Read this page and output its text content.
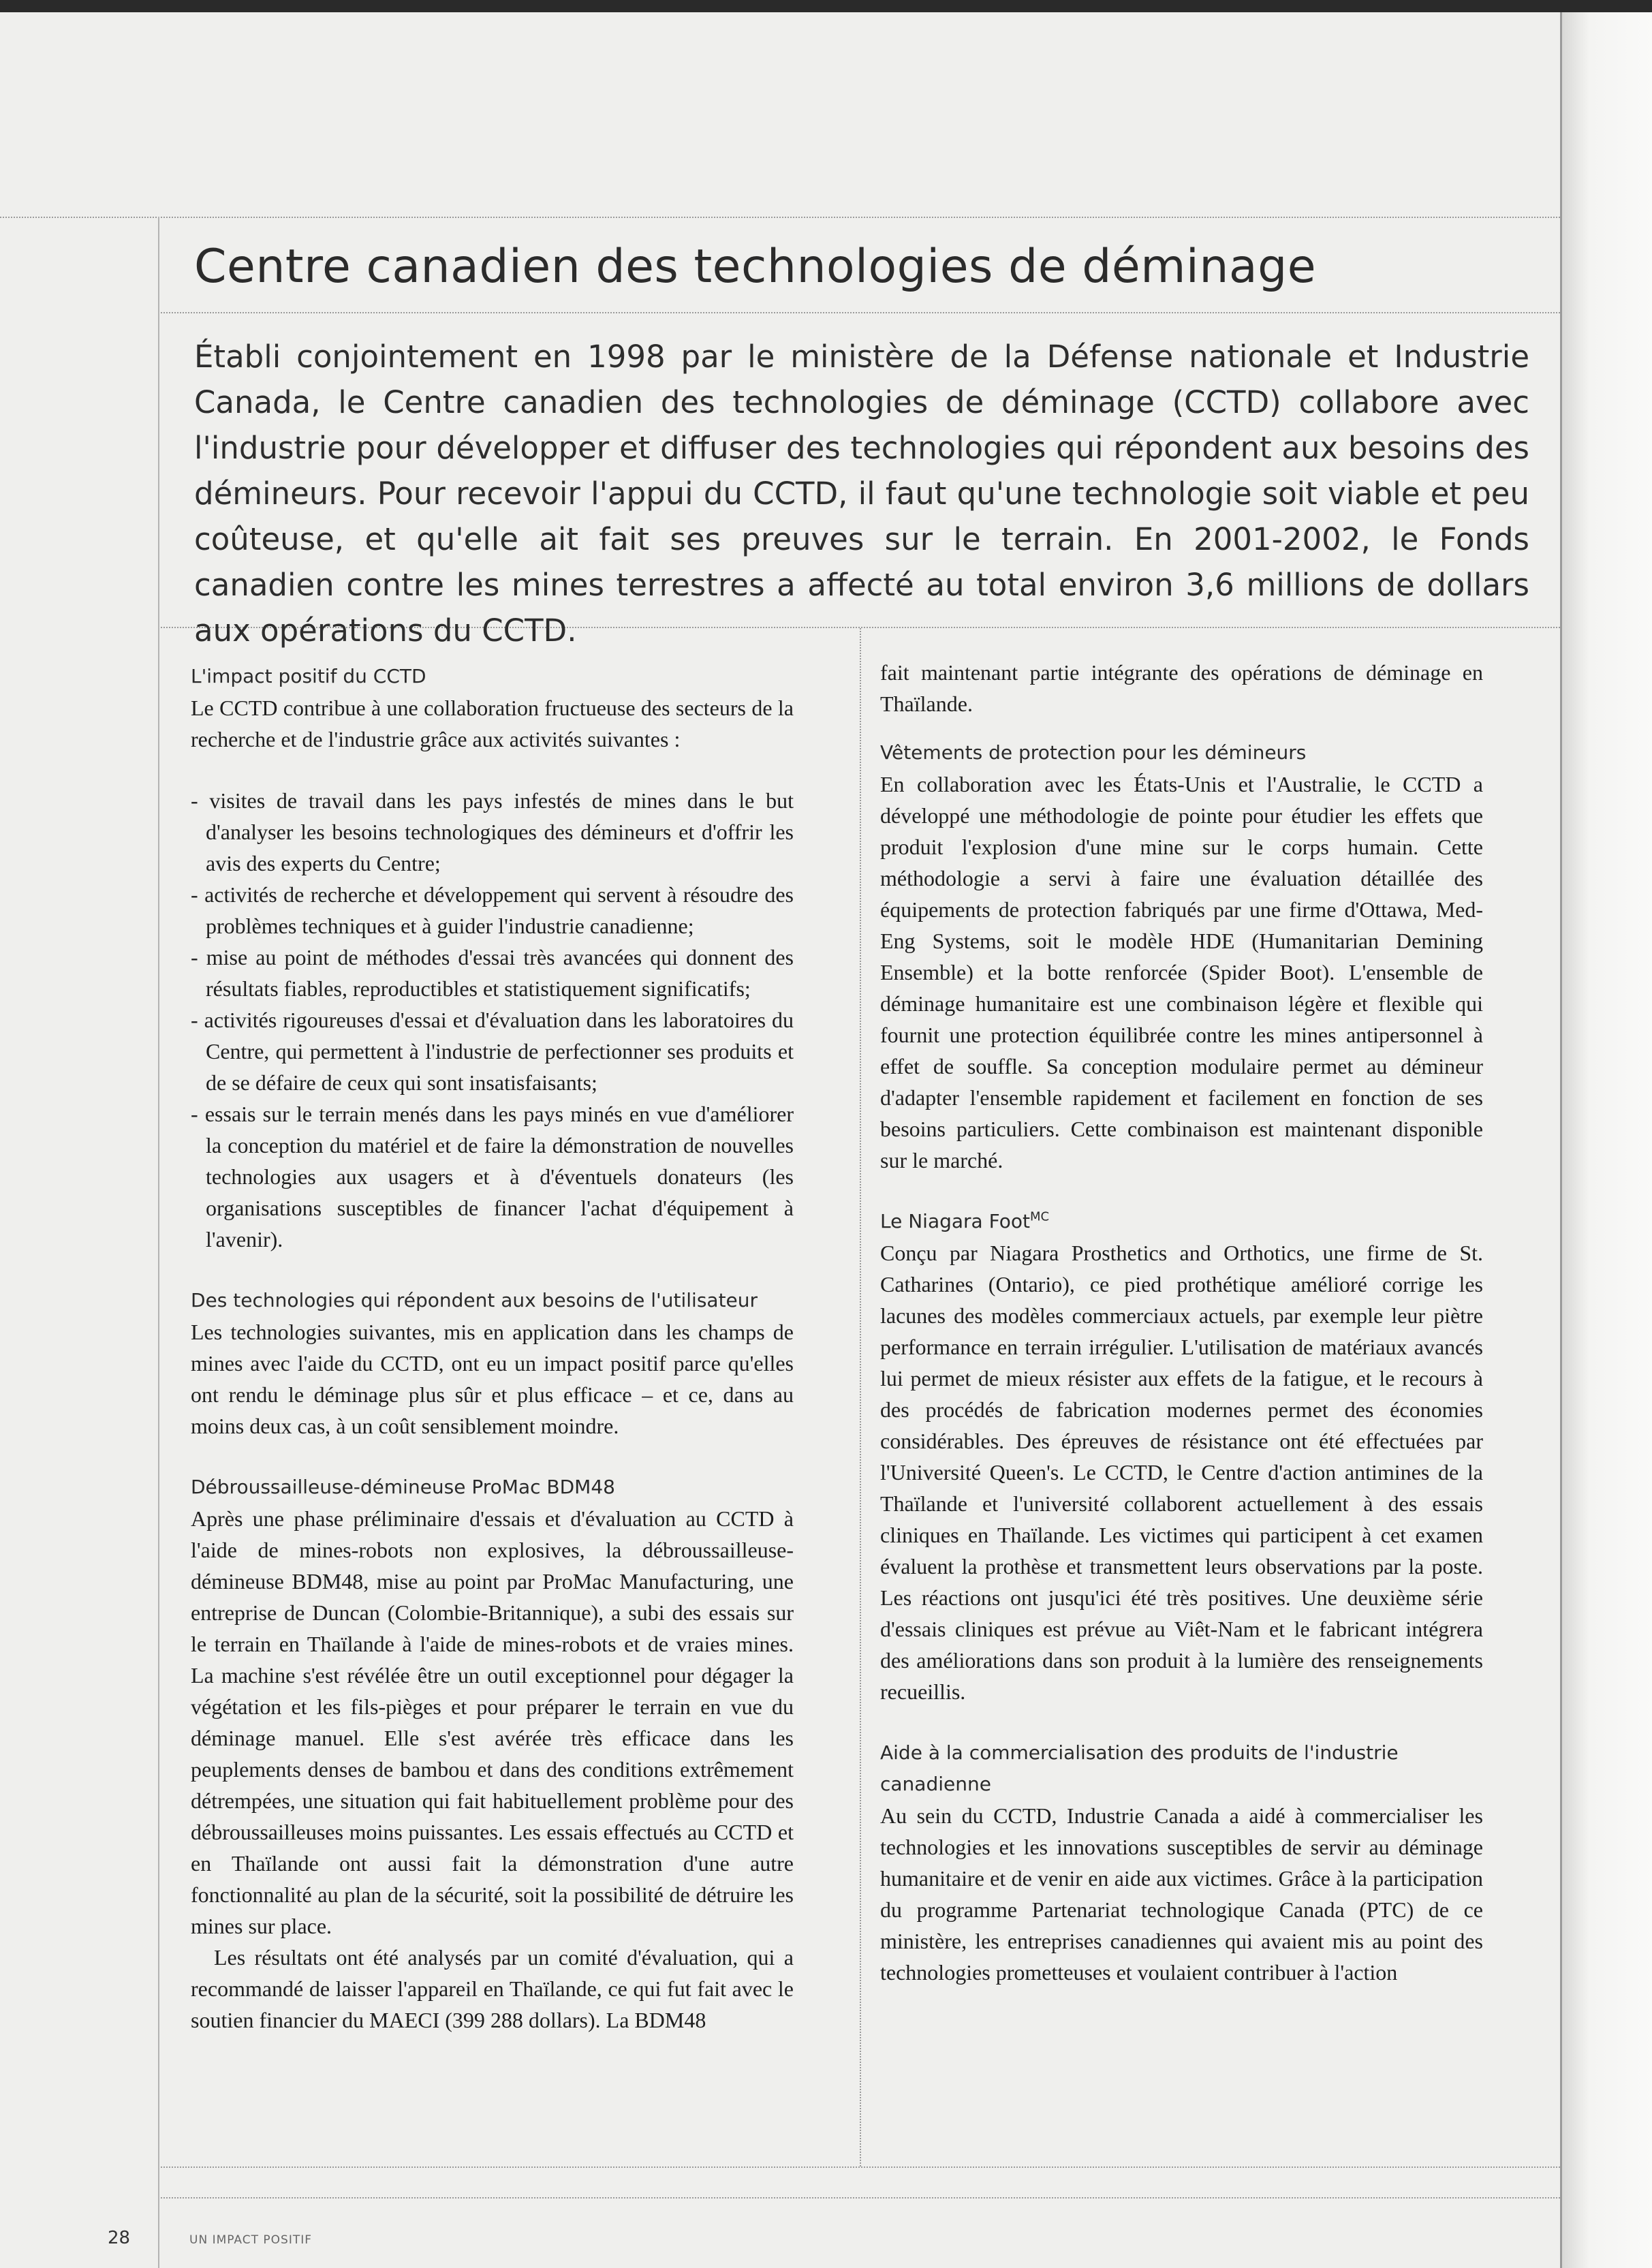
Centre canadien des technologies de déminage

Établi conjointement en 1998 par le ministère de la Défense nationale et Industrie Canada, le Centre canadien des technologies de déminage (CCTD) collabore avec l'industrie pour développer et diffuser des technologies qui répondent aux besoins des démineurs. Pour recevoir l'appui du CCTD, il faut qu'une technologie soit viable et peu coûteuse, et qu'elle ait fait ses preuves sur le terrain. En 2001-2002, le Fonds canadien contre les mines terrestres a affecté au total environ 3,6 millions de dollars aux opérations du CCTD.

L'impact positif du CCTD

Le CCTD contribue à une collaboration fructueuse des secteurs de la recherche et de l'industrie grâce aux activités suivantes :

- visites de travail dans les pays infestés de mines dans le but d'analyser les besoins technologiques des démineurs et d'offrir les avis des experts du Centre;
- activités de recherche et développement qui servent à résoudre des problèmes techniques et à guider l'industrie canadienne;
- mise au point de méthodes d'essai très avancées qui donnent des résultats fiables, reproductibles et statistiquement significatifs;
- activités rigoureuses d'essai et d'évaluation dans les laboratoires du Centre, qui permettent à l'industrie de perfectionner ses produits et de se défaire de ceux qui sont insatisfaisants;
- essais sur le terrain menés dans les pays minés en vue d'améliorer la conception du matériel et de faire la démonstration de nouvelles technologies aux usagers et à d'éventuels donateurs (les organisations susceptibles de financer l'achat d'équipement à l'avenir).
Des technologies qui répondent aux besoins de l'utilisateur

Les technologies suivantes, mis en application dans les champs de mines avec l'aide du CCTD, ont eu un impact positif parce qu'elles ont rendu le déminage plus sûr et plus efficace – et ce, dans au moins deux cas, à un coût sensiblement moindre.

Débroussailleuse-démineuse ProMac BDM48

Après une phase préliminaire d'essais et d'évaluation au CCTD à l'aide de mines-robots non explosives, la débroussailleuse-démineuse BDM48, mise au point par ProMac Manufacturing, une entreprise de Duncan (Colombie-Britannique), a subi des essais sur le terrain en Thaïlande à l'aide de mines-robots et de vraies mines. La machine s'est révélée être un outil exceptionnel pour dégager la végétation et les fils-pièges et pour préparer le terrain en vue du déminage manuel. Elle s'est avérée très efficace dans les peuplements denses de bambou et dans des conditions extrêmement détrempées, une situation qui fait habituellement problème pour des débroussailleuses moins puissantes. Les essais effectués au CCTD et en Thaïlande ont aussi fait la démonstration d'une autre fonctionnalité au plan de la sécurité, soit la possibilité de détruire les mines sur place.

Les résultats ont été analysés par un comité d'évaluation, qui a recommandé de laisser l'appareil en Thaïlande, ce qui fut fait avec le soutien financier du MAECI (399 288 dollars). La BDM48

fait maintenant partie intégrante des opérations de déminage en Thaïlande.

Vêtements de protection pour les démineurs

En collaboration avec les États-Unis et l'Australie, le CCTD a développé une méthodologie de pointe pour étudier les effets que produit l'explosion d'une mine sur le corps humain. Cette méthodologie a servi à faire une évaluation détaillée des équipements de protection fabriqués par une firme d'Ottawa, Med-Eng Systems, soit le modèle HDE (Humanitarian Demining Ensemble) et la botte renforcée (Spider Boot). L'ensemble de déminage humanitaire est une combinaison légère et flexible qui fournit une protection équilibrée contre les mines antipersonnel à effet de souffle. Sa conception modulaire permet au démineur d'adapter l'ensemble rapidement et facilement en fonction de ses besoins particuliers. Cette combinaison est maintenant disponible sur le marché.

Le Niagara Foot$^{MC}$

Conçu par Niagara Prosthetics and Orthotics, une firme de St. Catharines (Ontario), ce pied prothétique amélioré corrige les lacunes des modèles commerciaux actuels, par exemple leur piètre performance en terrain irrégulier. L'utilisation de matériaux avancés lui permet de mieux résister aux effets de la fatigue, et le recours à des procédés de fabrication modernes permet des économies considérables. Des épreuves de résistance ont été effectuées par l'Université Queen's. Le CCTD, le Centre d'action antimines de la Thaïlande et l'université collaborent actuellement à des essais cliniques en Thaïlande. Les victimes qui participent à cet examen évaluent la prothèse et transmettent leurs observations par la poste. Les réactions ont jusqu'ici été très positives. Une deuxième série d'essais cliniques est prévue au Viêt-Nam et le fabricant intégrera des améliorations dans son produit à la lumière des renseignements recueillis.

Aide à la commercialisation des produits de l'industrie canadienne

Au sein du CCTD, Industrie Canada a aidé à commercialiser les technologies et les innovations susceptibles de servir au déminage humanitaire et de venir en aide aux victimes. Grâce à la participation du programme Partenariat technologique Canada (PTC) de ce ministère, les entreprises canadiennes qui avaient mis au point des technologies prometteuses et voulaient contribuer à l'action

28	UN IMPACT POSITIF
